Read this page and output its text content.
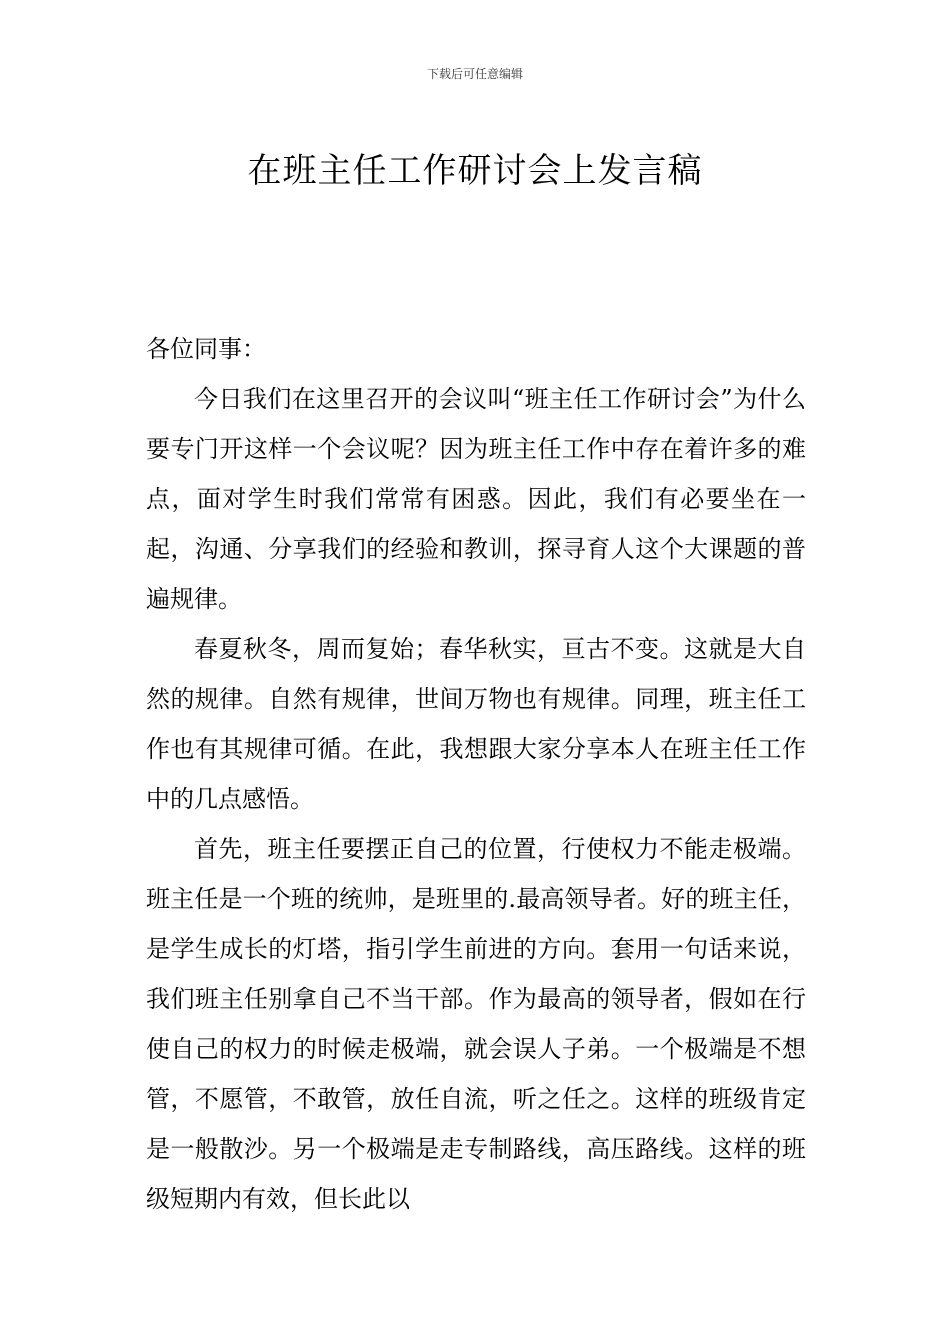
下载后可任意编辑
在班主任工作研讨会上发言稿

各位同事：

今日我们在这里召开的会议叫“班主任工作研讨会”为什么要专门开这样一个会议呢？因为班主任工作中存在着许多的难点，面对学生时我们常常有困惑。因此，我们有必要坐在一起，沟通、分享我们的经验和教训，探寻育人这个大课题的普遍规律。

春夏秋冬，周而复始；春华秋实，亘古不变。这就是大自然的规律。自然有规律，世间万物也有规律。同理，班主任工作也有其规律可循。在此，我想跟大家分享本人在班主任工作中的几点感悟。

首先，班主任要摆正自己的位置，行使权力不能走极端。班主任是一个班的统帅，是班里的.最高领导者。好的班主任，是学生成长的灯塔，指引学生前进的方向。套用一句话来说，我们班主任别拿自己不当干部。作为最高的领导者，假如在行使自己的权力的时候走极端，就会误人子弟。一个极端是不想管，不愿管，不敢管，放任自流，听之任之。这样的班级肯定是一般散沙。另一个极端是走专制路线，高压路线。这样的班级短期内有效，但长此以
